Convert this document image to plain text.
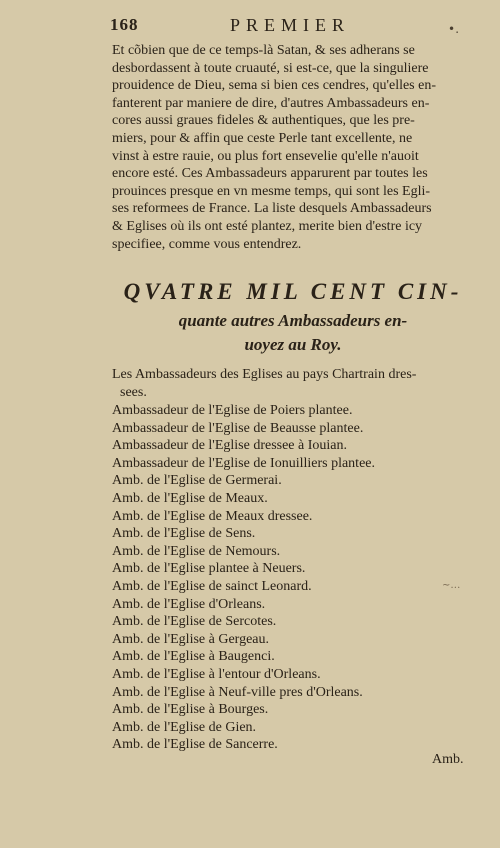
168	PREMIER	•․
Et cõbien que de ce temps-là Satan, & ses adherans se
desbordassent à toute cruauté, si est-ce, que la singuliere
prouidence de Dieu, sema si bien ces cendres, qu'elles en-
fanterent par maniere de dire, d'autres Ambassadeurs en-
cores aussi graues fideles & authentiques, que les pre-
miers, pour & affin que ceste Perle tant excellente, ne
vinst à estre rauie, ou plus fort ensevelie qu'elle n'auoit
encore esté. Ces Ambassadeurs apparurent par toutes les
prouinces presque en vn mesme temps, qui sont les Egli-
ses reformees de France. La liste desquels Ambassadeurs
& Eglises où ils ont esté plantez, merite bien d'estre icy
specifiee, comme vous entendrez.
QVATRE MIL CENT CIN-
quante autres Ambassadeurs en-
uoyez au Roy.
Les Ambassadeurs des Eglises au pays Chartrain dres-
sees.
Ambassadeur de l'Eglise de Poiers plantee.
Ambassadeur de l'Eglise de Beausse plantee.
Ambassadeur de l'Eglise dressee à Iouian.
Ambassadeur de l'Eglise de Ionuilliers plantee.
Amb. de l'Eglise de Germerai.
Amb. de l'Eglise de Meaux.
Amb. de l'Eglise de Meaux dressee.
Amb. de l'Eglise de Sens.
Amb. de l'Eglise de Nemours.
Amb. de l'Eglise plantee à Neuers.
Amb. de l'Eglise de sainct Leonard.
Amb. de l'Eglise d'Orleans.
Amb. de l'Eglise de Sercotes.
Amb. de l'Eglise à Gergeau.
Amb. de l'Eglise à Baugenci.
Amb. de l'Eglise à l'entour d'Orleans.
Amb. de l'Eglise à Neuf-ville pres d'Orleans.
Amb. de l'Eglise à Bourges.
Amb. de l'Eglise de Gien.
Amb. de l'Eglise de Sancerre.
∼…
Amb.
